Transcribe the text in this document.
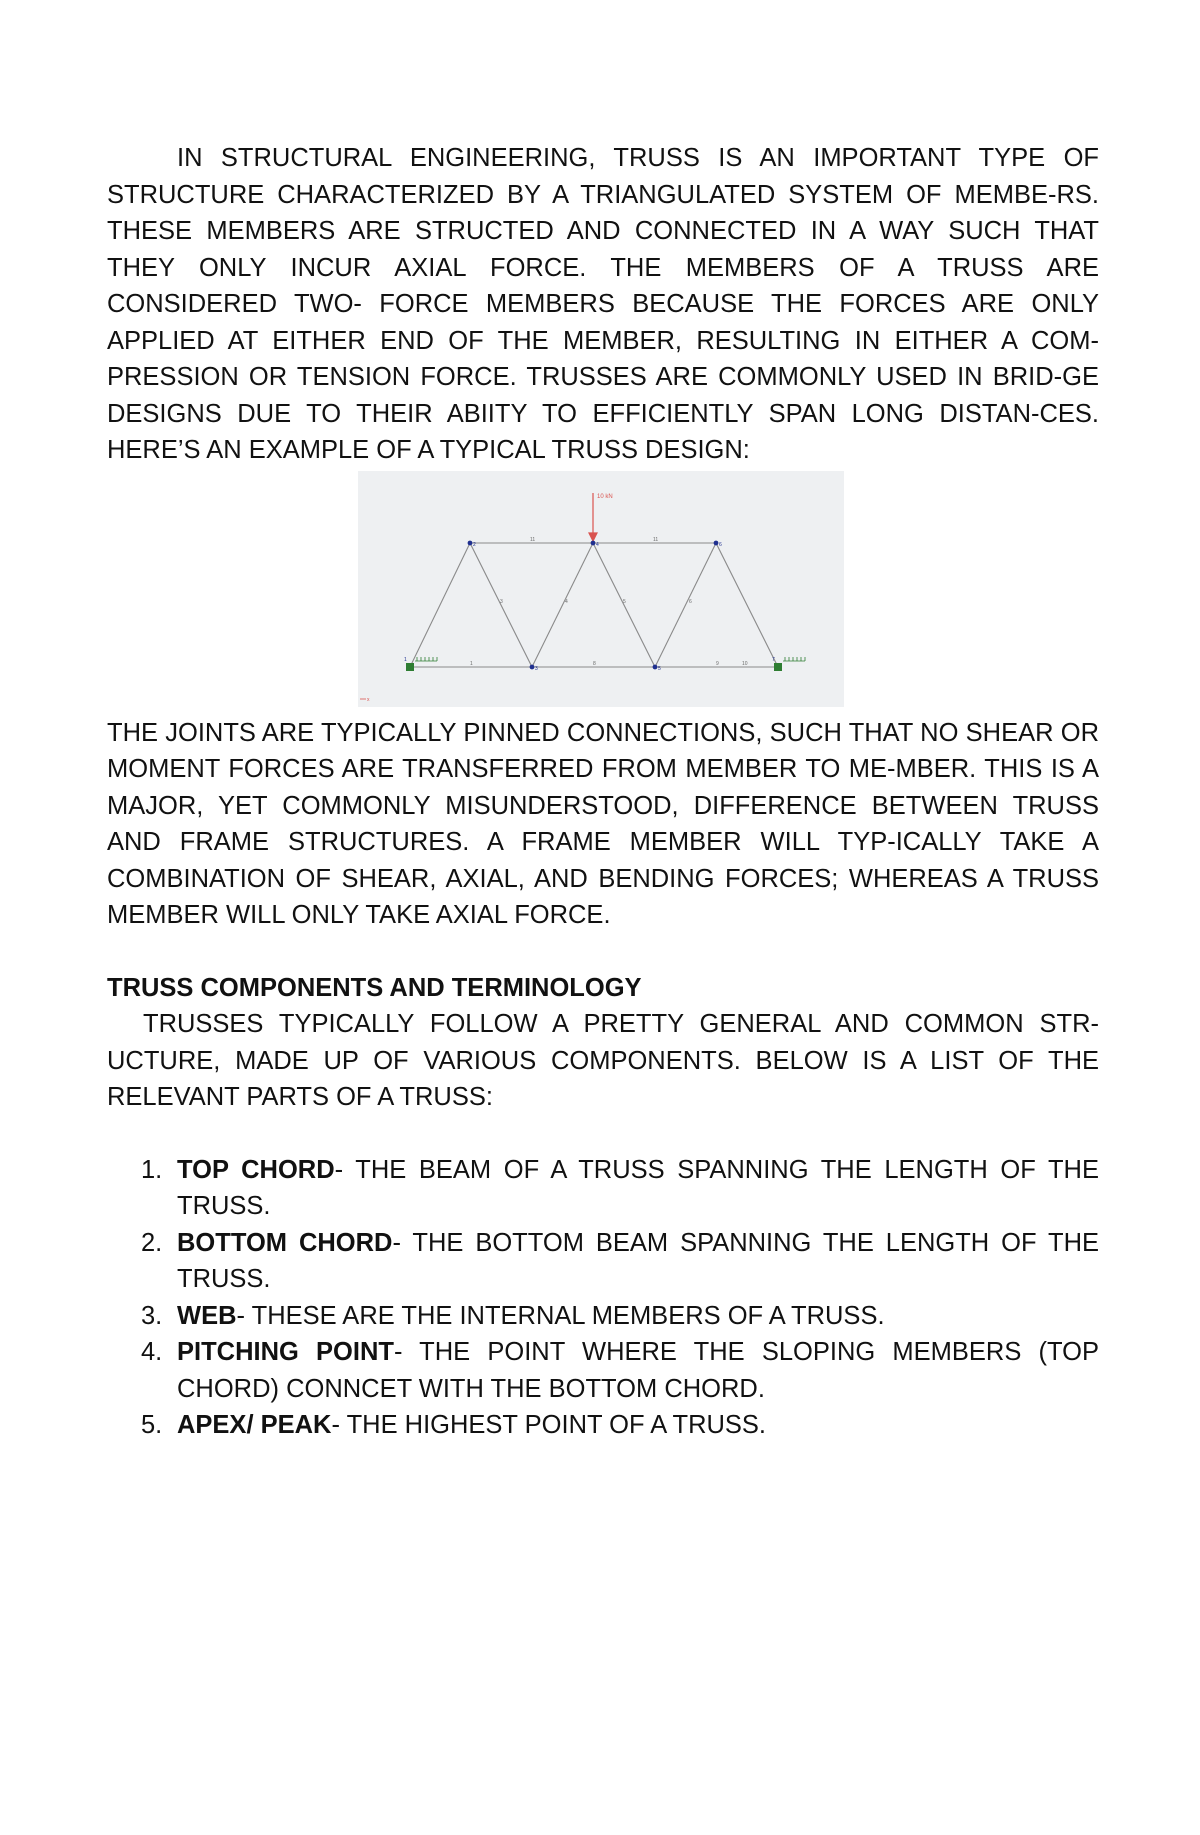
IN STRUCTURAL ENGINEERING, TRUSS IS AN IMPORTANT TYPE OF STRUCTURE CHARACTERIZED BY A TRIANGULATED SYSTEM OF MEMBE-RS. THESE MEMBERS ARE STRUCTED AND CONNECTED IN A WAY SUCH THAT THEY ONLY INCUR AXIAL FORCE. THE MEMBERS OF A TRUSS ARE CONSIDERED TWO- FORCE MEMBERS BECAUSE THE FORCES ARE ONLY APPLIED AT EITHER END OF THE MEMBER, RESULTING IN EITHER A COM-PRESSION OR TENSION FORCE. TRUSSES ARE COMMONLY USED IN BRID-GE DESIGNS DUE TO THEIR ABIITY TO EFFICIENTLY SPAN LONG DISTAN-CES. HERE’S AN EXAMPLE OF A TYPICAL TRUSS DESIGN:

10 kN
11	11
3	4	5	6
1	8	9	10
1
2
3
4
5
6
7
x

THE JOINTS ARE TYPICALLY PINNED CONNECTIONS, SUCH THAT NO SHEAR OR MOMENT FORCES ARE TRANSFERRED FROM MEMBER TO ME-MBER. THIS IS A MAJOR, YET COMMONLY MISUNDERSTOOD, DIFFERENCE BETWEEN TRUSS AND FRAME STRUCTURES. A FRAME MEMBER WILL TYP-ICALLY TAKE A COMBINATION OF SHEAR, AXIAL, AND BENDING FORCES; WHEREAS A TRUSS MEMBER WILL ONLY TAKE AXIAL FORCE.

TRUSS COMPONENTS AND TERMINOLOGY

TRUSSES TYPICALLY FOLLOW A PRETTY GENERAL AND COMMON STR-UCTURE, MADE UP OF VARIOUS COMPONENTS. BELOW IS A LIST OF THE RELEVANT PARTS OF A TRUSS:

1. TOP CHORD- THE BEAM OF A TRUSS SPANNING THE LENGTH OF THE TRUSS.
2. BOTTOM CHORD- THE BOTTOM BEAM SPANNING THE LENGTH OF THE TRUSS.
3. WEB- THESE ARE THE INTERNAL MEMBERS OF A TRUSS.
4. PITCHING POINT- THE POINT WHERE THE SLOPING MEMBERS (TOP CHORD) CONNCET WITH THE BOTTOM CHORD.
5. APEX/ PEAK- THE HIGHEST POINT OF A TRUSS.
